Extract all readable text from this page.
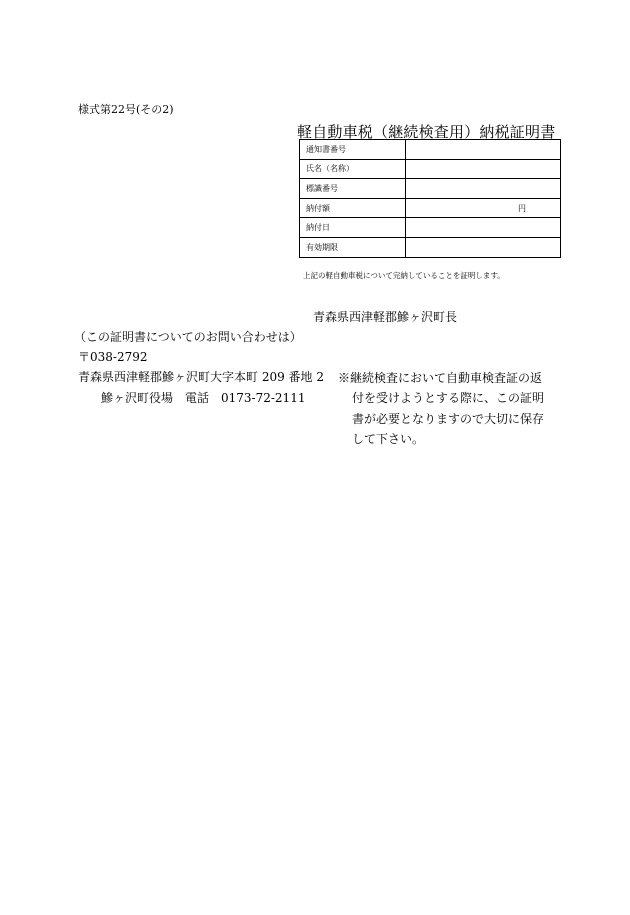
様式第22号(その2)
軽自動車税（継続検査用）納税証明書
通知書番号	
氏名（名称）	
標識番号	
納付額	円
納付日	
有効期限	
上記の軽自動車税について完納していることを証明します。
青森県西津軽郡鰺ヶ沢町長
（この証明書についてのお問い合わせは）
〒038-2792
青森県西津軽郡鰺ヶ沢町大字本町 209 番地 2
鰺ヶ沢町役場　電話　0173-72-2111
※継続検査において自動車検査証の返
付を受けようとする際に、この証明
書が必要となりますので大切に保存
して下さい。
